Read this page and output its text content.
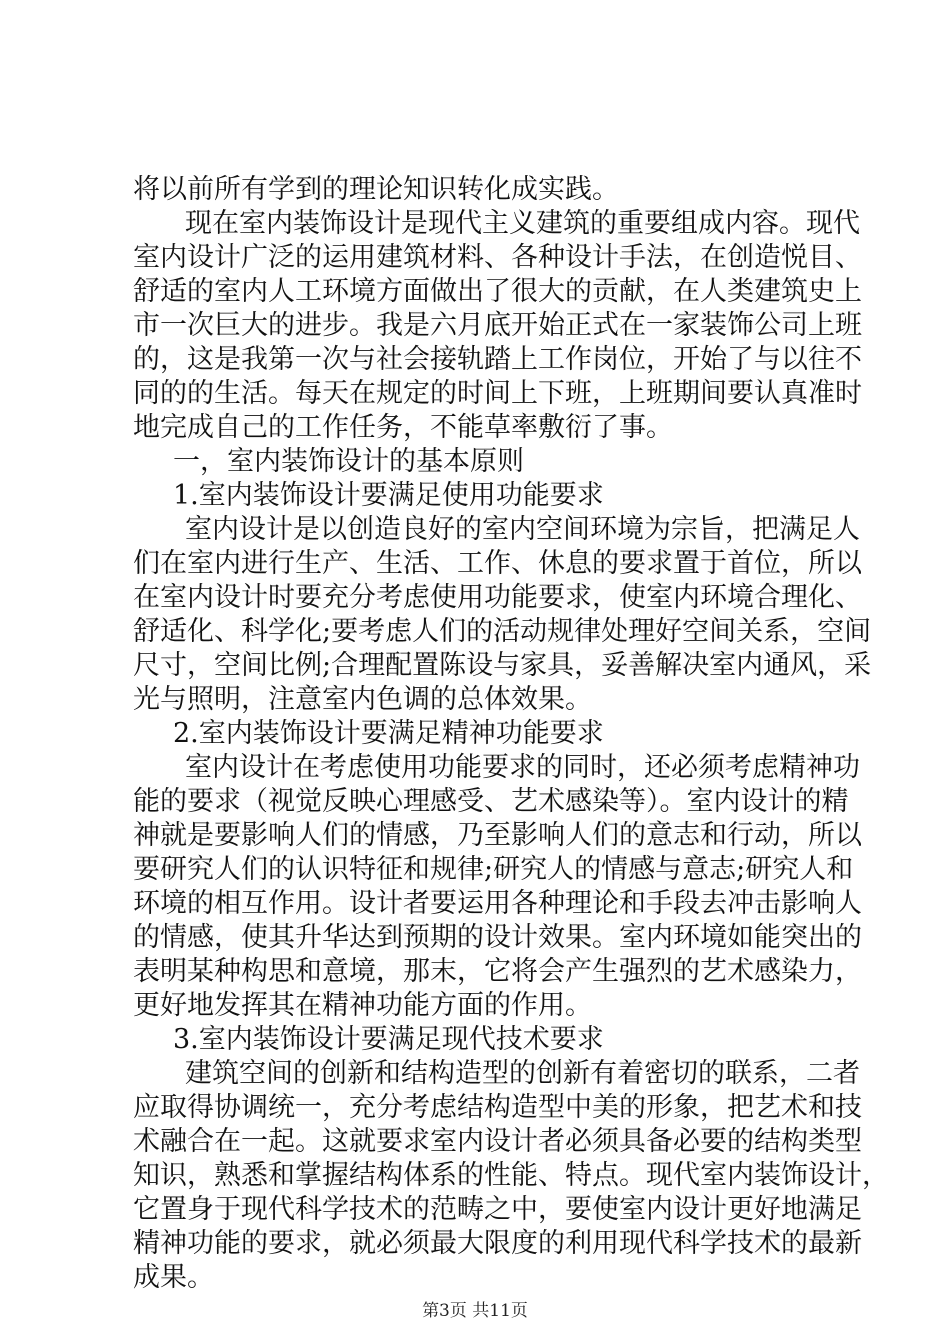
将以前所有学到的理论知识转化成实践。
现在室内装饰设计是现代主义建筑的重要组成内容。现代
室内设计广泛的运用建筑材料、各种设计手法，在创造悦目、
舒适的室内人工环境方面做出了很大的贡献，在人类建筑史上
市一次巨大的进步。我是六月底开始正式在一家装饰公司上班
的，这是我第一次与社会接轨踏上工作岗位，开始了与以往不
同的的生活。每天在规定的时间上下班，上班期间要认真准时
地完成自己的工作任务，不能草率敷衍了事。
一，室内装饰设计的基本原则
1.室内装饰设计要满足使用功能要求
室内设计是以创造良好的室内空间环境为宗旨，把满足人
们在室内进行生产、生活、工作、休息的要求置于首位，所以
在室内设计时要充分考虑使用功能要求，使室内环境合理化、
舒适化、科学化;要考虑人们的活动规律处理好空间关系，空间
尺寸，空间比例;合理配置陈设与家具，妥善解决室内通风，采
光与照明，注意室内色调的总体效果。
2.室内装饰设计要满足精神功能要求
室内设计在考虑使用功能要求的同时，还必须考虑精神功
能的要求（视觉反映心理感受、艺术感染等）。室内设计的精
神就是要影响人们的情感，乃至影响人们的意志和行动，所以
要研究人们的认识特征和规律;研究人的情感与意志;研究人和
环境的相互作用。设计者要运用各种理论和手段去冲击影响人
的情感，使其升华达到预期的设计效果。室内环境如能突出的
表明某种构思和意境，那末，它将会产生强烈的艺术感染力，
更好地发挥其在精神功能方面的作用。
3.室内装饰设计要满足现代技术要求
建筑空间的创新和结构造型的创新有着密切的联系，二者
应取得协调统一，充分考虑结构造型中美的形象，把艺术和技
术融合在一起。这就要求室内设计者必须具备必要的结构类型
知识，熟悉和掌握结构体系的性能、特点。现代室内装饰设计，
它置身于现代科学技术的范畴之中，要使室内设计更好地满足
精神功能的要求，就必须最大限度的利用现代科学技术的最新
成果。
第3页 共11页
